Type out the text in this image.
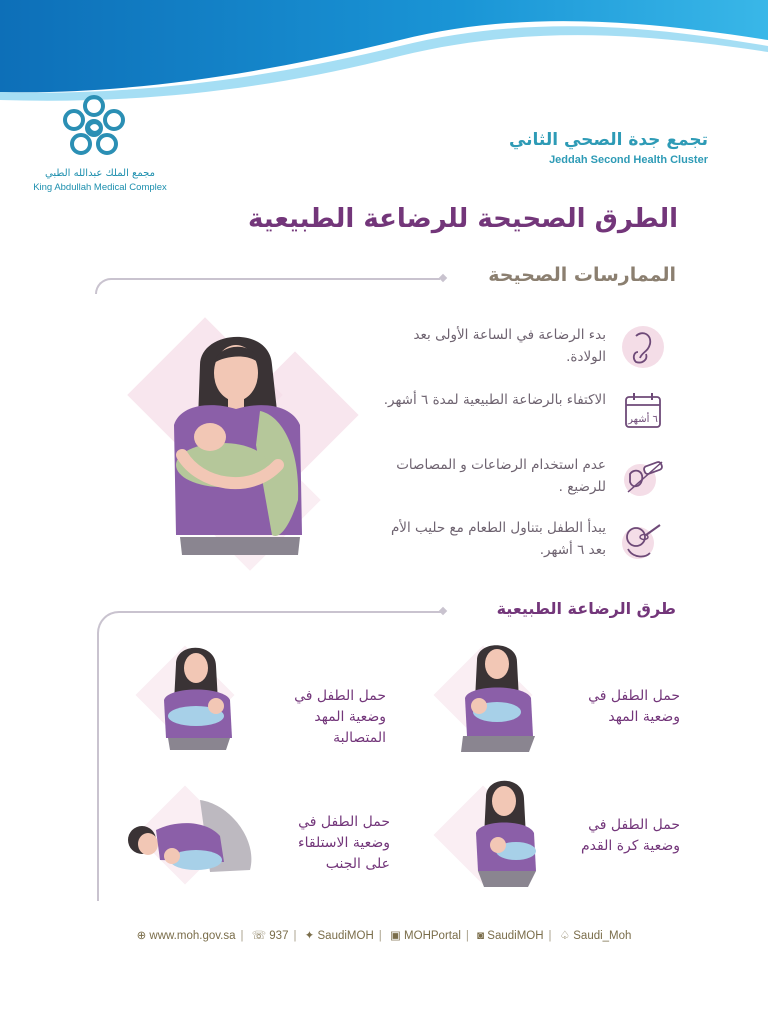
مجمع الملك عبدالله الطبي
King Abdullah Medical Complex
تجمع جدة الصحي الثاني
Jeddah Second Health Cluster
الطرق الصحيحة للرضاعة الطبيعية
الممارسات الصحيحة
بدء الرضاعة في الساعة الأولى بعد الولادة.
الاكتفاء بالرضاعة الطبيعية لمدة ٦ أشهر.
٦ أشهر
عدم استخدام الرضاعات و المصاصات للرضيع .
يبدأ الطفل بتناول الطعام مع حليب الأم بعد ٦ أشهر.
طرق الرضاعة الطبيعية
حمل الطفل في وضعية المهد
حمل الطفل في وضعية المهد المتصالبة
حمل الطفل في وضعية كرة القدم
حمل الطفل في وضعية الاستلقاء على الجنب
⊕ www.moh.gov.sa | ☏ 937 | ✦ SaudiMOH | ▣ MOHPortal | ◙ SaudiMOH | ♤ Saudi_Moh
